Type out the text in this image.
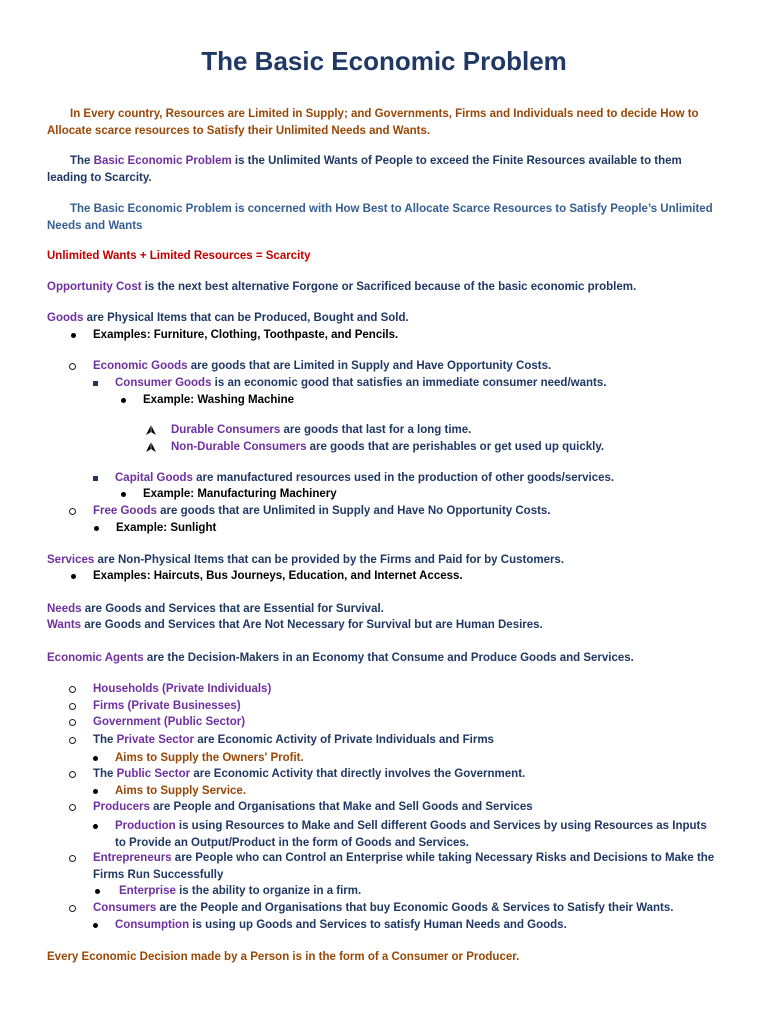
The Basic Economic Problem
In Every country, Resources are Limited in Supply; and Governments, Firms and Individuals need to decide How to Allocate scarce resources to Satisfy their Unlimited Needs and Wants.
The Basic Economic Problem is the Unlimited Wants of People to exceed the Finite Resources available to them leading to Scarcity.
The Basic Economic Problem is concerned with How Best to Allocate Scarce Resources to Satisfy People’s Unlimited Needs and Wants
Unlimited Wants + Limited Resources = Scarcity
Opportunity Cost is the next best alternative Forgone or Sacrificed because of the basic economic problem.
Goods are Physical Items that can be Produced, Bought and Sold.
Examples: Furniture, Clothing, Toothpaste, and Pencils.
Economic Goods are goods that are Limited in Supply and Have Opportunity Costs.
Consumer Goods is an economic good that satisfies an immediate consumer need/wants.
Example: Washing Machine
Durable Consumers are goods that last for a long time.
Non-Durable Consumers are goods that are perishables or get used up quickly.
Capital Goods are manufactured resources used in the production of other goods/services.
Example: Manufacturing Machinery
Free Goods are goods that are Unlimited in Supply and Have No Opportunity Costs.
Example: Sunlight
Services are Non-Physical Items that can be provided by the Firms and Paid for by Customers.
Examples: Haircuts, Bus Journeys, Education, and Internet Access.
Needs are Goods and Services that are Essential for Survival.
Wants are Goods and Services that Are Not Necessary for Survival but are Human Desires.
Economic Agents are the Decision-Makers in an Economy that Consume and Produce Goods and Services.
Households (Private Individuals)
Firms (Private Businesses)
Government (Public Sector)
The Private Sector are Economic Activity of Private Individuals and Firms
Aims to Supply the Owners' Profit.
The Public Sector are Economic Activity that directly involves the Government.
Aims to Supply Service.
Producers are People and Organisations that Make and Sell Goods and Services
Production is using Resources to Make and Sell different Goods and Services by using Resources as Inputs to Provide an Output/Product in the form of Goods and Services.
Entrepreneurs are People who can Control an Enterprise while taking Necessary Risks and Decisions to Make the Firms Run Successfully
Enterprise is the ability to organize in a firm.
Consumers are the People and Organisations that buy Economic Goods & Services to Satisfy their Wants.
Consumption is using up Goods and Services to satisfy Human Needs and Goods.
Every Economic Decision made by a Person is in the form of a Consumer or Producer.
